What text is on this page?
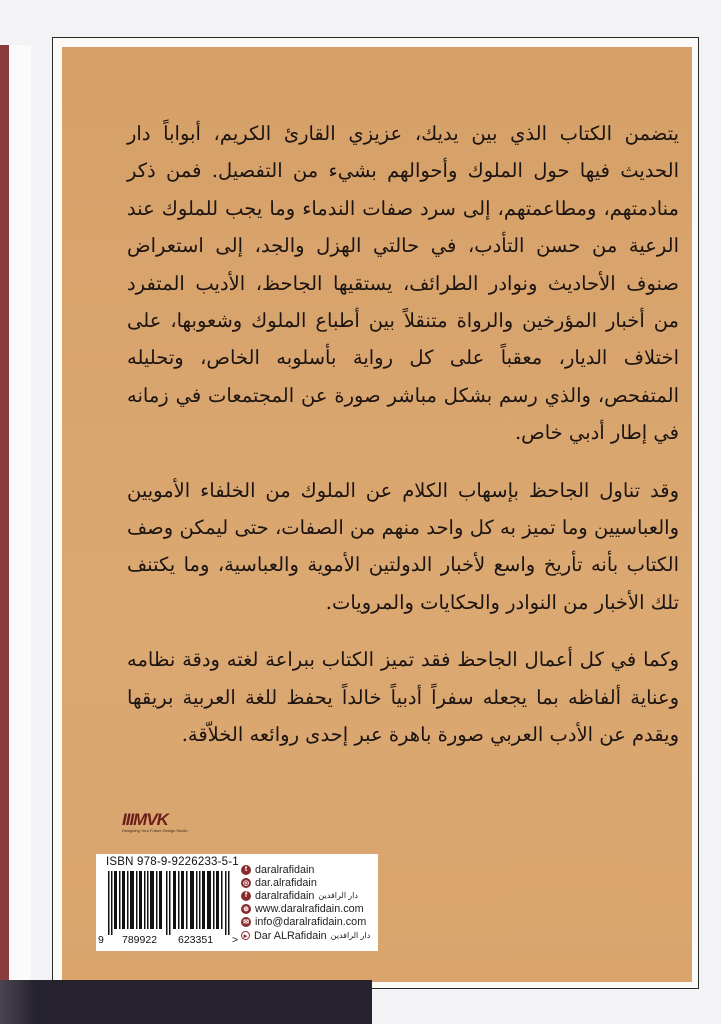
يتضمن الكتاب الذي بين يديك، عزيزي القارئ الكريم، أبواباً دار الحديث فيها حول الملوك وأحوالهم بشيء من التفصيل. فمن ذكر منادمتهم، ومطاعمتهم، إلى سرد صفات الندماء وما يجب للملوك عند الرعية من حسن التأدب، في حالتي الهزل والجد، إلى استعراض صنوف الأحاديث ونوادر الطرائف، يستقيها الجاحظ، الأديب المتفرد من أخبار المؤرخين والرواة متنقلاً بين أطباع الملوك وشعوبها، على اختلاف الديار، معقباً على كل رواية بأسلوبه الخاص، وتحليله المتفحص، والذي رسم بشكل مباشر صورة عن المجتمعات في زمانه في إطار أدبي خاص.

وقد تناول الجاحظ بإسهاب الكلام عن الملوك من الخلفاء الأمويين والعباسيين وما تميز به كل واحد منهم من الصفات، حتى ليمكن وصف الكتاب بأنه تأريخ واسع لأخبار الدولتين الأموية والعباسية، وما يكتنف تلك الأخبار من النوادر والحكايات والمرويات.

وكما في كل أعمال الجاحظ فقد تميز الكتاب ببراعة لغته ودقة نظامه وعناية ألفاظه بما يجعله سفراً أدبياً خالداً يحفظ للغة العربية بريقها ويقدم عن الأدب العربي صورة باهرة عبر إحدى روائعه الخلاّقة.

IIIMVK
Designing Your Future Design Studio
ISBN 978-9-9226233-5-1
9 789922 623351 >
t daralrafidain
◎ dar.alrafidain
f daralrafidain دار الرافدين
⊕ www.daralrafidain.com
✉ info@daralrafidain.com
▸ Dar ALRafidain دار الرافدين
